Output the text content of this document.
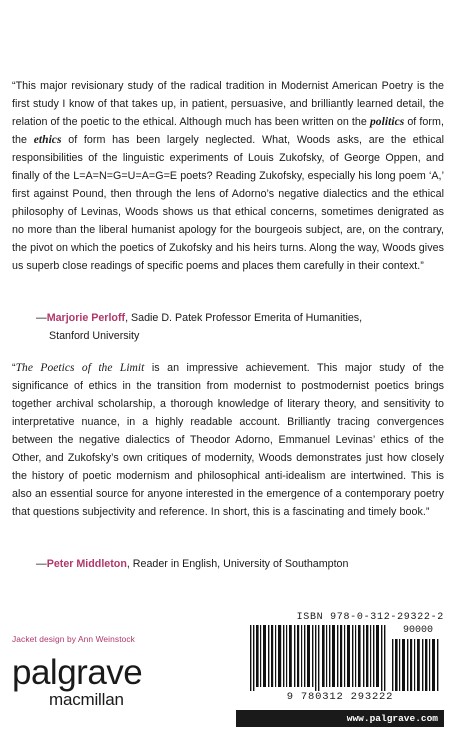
“This major revisionary study of the radical tradition in Modernist American Poetry is the first study I know of that takes up, in patient, persuasive, and brilliantly learned detail, the relation of the poetic to the ethical. Although much has been written on the politics of form, the ethics of form has been largely neglected. What, Woods asks, are the ethical responsibilities of the linguistic experiments of Louis Zukofsky, of George Oppen, and finally of the L=A=N=G=U=A=G=E poets? Reading Zukofsky, especially his long poem ‘A,’ first against Pound, then through the lens of Adorno’s negative dialectics and the ethical philosophy of Levinas, Woods shows us that ethical concerns, sometimes denigrated as no more than the liberal humanist apology for the bourgeois subject, are, on the contrary, the pivot on which the poetics of Zukofsky and his heirs turns. Along the way, Woods gives us superb close readings of specific poems and places them carefully in their context.”
—Marjorie Perloff, Sadie D. Patek Professor Emerita of Humanities,
Stanford University
“The Poetics of the Limit is an impressive achievement. This major study of the significance of ethics in the transition from modernist to postmodernist poetics brings together archival scholarship, a thorough knowledge of literary theory, and sensitivity to interpretative nuance, in a highly readable account. Brilliantly tracing convergences between the negative dialectics of Theodor Adorno, Emmanuel Levinas’ ethics of the Other, and Zukofsky’s own critiques of modernity, Woods demonstrates just how closely the history of poetic modernism and philosophical anti-idealism are intertwined. This is also an essential source for anyone interested in the emergence of a contemporary poetry that questions subjectivity and reference. In short, this is a fascinating and timely book.”
—Peter Middleton, Reader in English, University of Southampton
Jacket design by Ann Weinstock
palgrave
macmillan
ISBN 978-0-312-29322-2
90000
9 780312 293222
www.palgrave.com
